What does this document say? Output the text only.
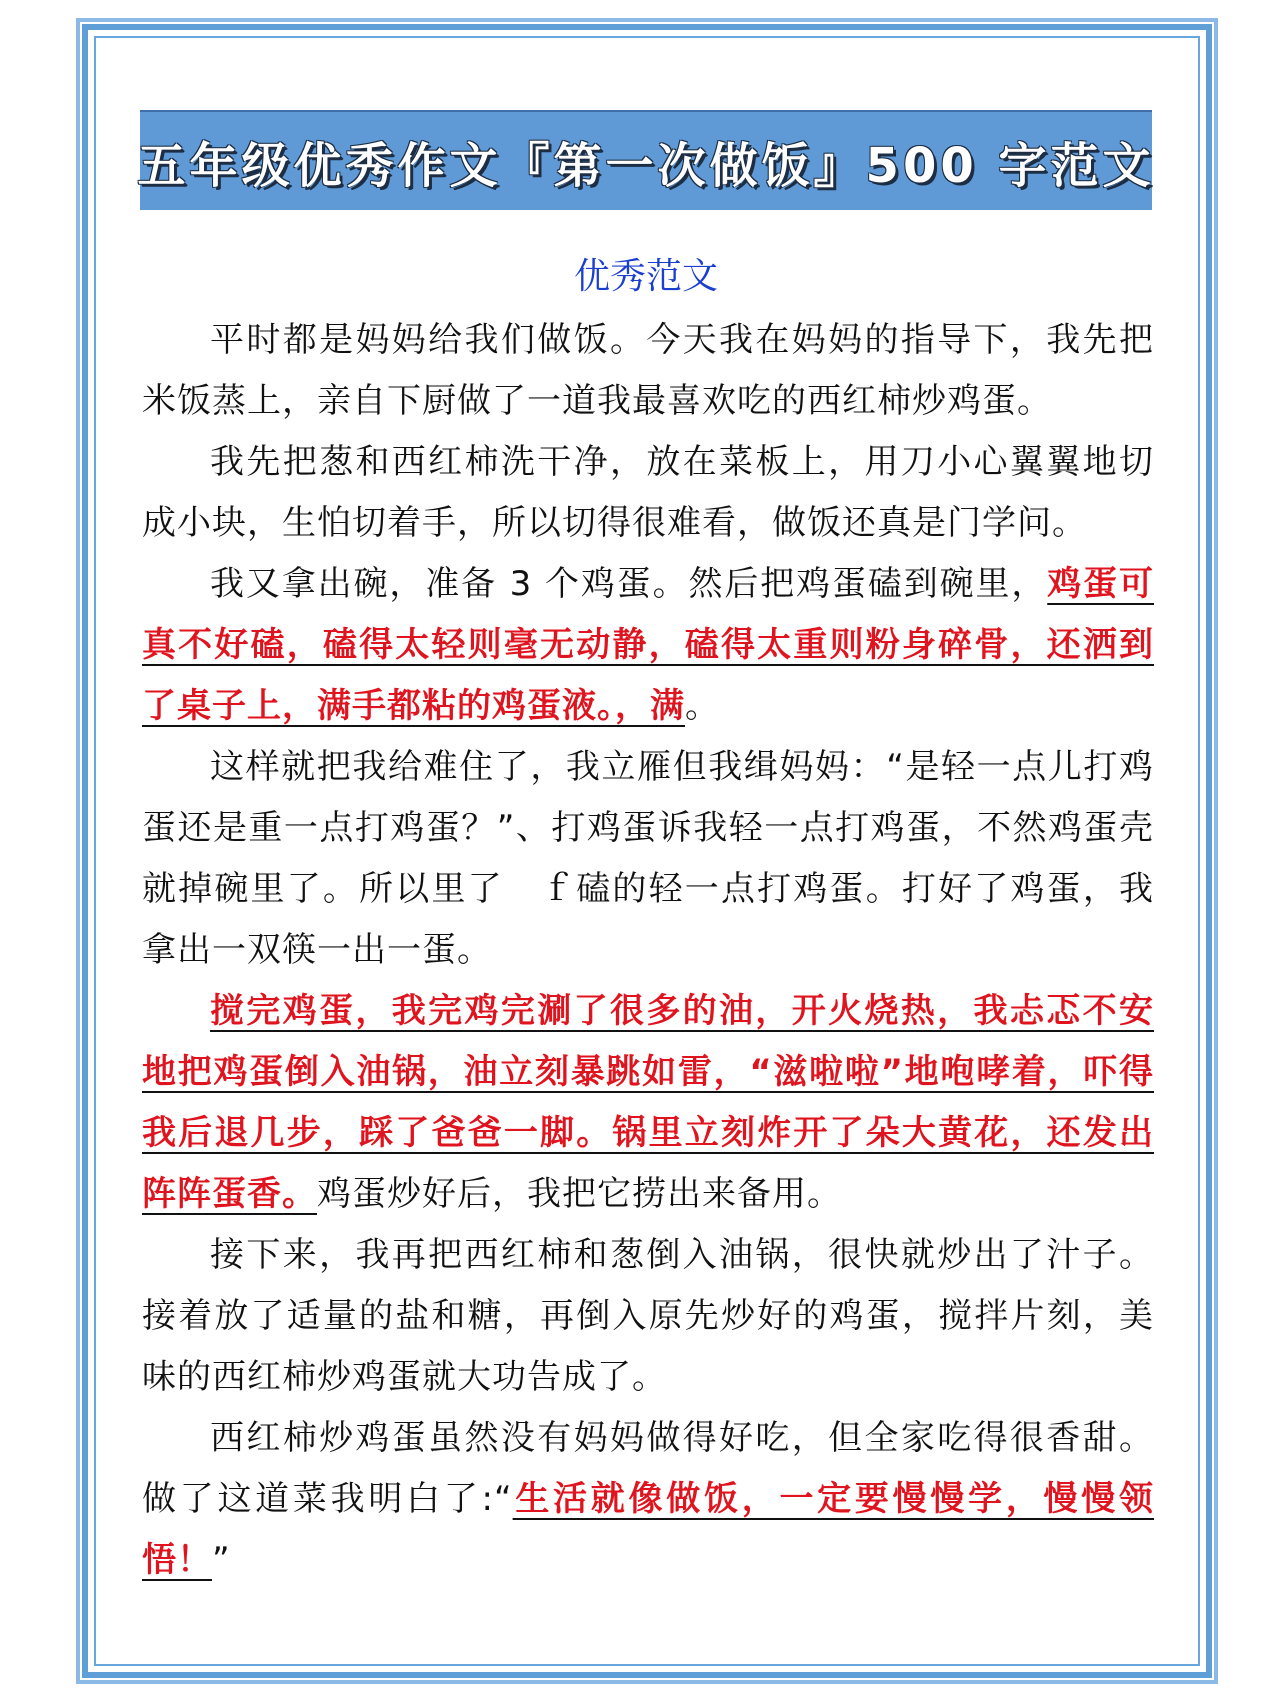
五年级优秀作文『第一次做饭』500 字范文
优秀范文

平时都是妈妈给我们做饭。今天我在妈妈的指导下，我先把米饭蒸上，亲自下厨做了一道我最喜欢吃的西红柿炒鸡蛋。

我先把葱和西红柿洗干净，放在菜板上，用刀小心翼翼地切成小块，生怕切着手，所以切得很难看，做饭还真是门学问。

我又拿出碗，准备 3 个鸡蛋。然后把鸡蛋磕到碗里，鸡蛋可真不好磕，磕得太轻则毫无动静，磕得太重则粉身碎骨，还洒到了桌子上，满手都粘的鸡蛋液。，满。

这样就把我给难住了，我立雁但我缉妈妈：“是轻一点儿打鸡蛋还是重一点打鸡蛋？”、打鸡蛋诉我轻一点打鸡蛋，不然鸡蛋壳就掉碗里了。所以里了　ｆ磕的轻一点打鸡蛋。打好了鸡蛋，我拿出一双筷一出一蛋。

搅完鸡蛋，我完鸡完涮了很多的油，开火烧热，我忐忑不安地把鸡蛋倒入油锅，油立刻暴跳如雷，“滋啦啦”地咆哮着，吓得我后退几步，踩了爸爸一脚。锅里立刻炸开了朵大黄花，还发出阵阵蛋香。鸡蛋炒好后，我把它捞出来备用。

接下来，我再把西红柿和葱倒入油锅，很快就炒出了汁子。接着放了适量的盐和糖，再倒入原先炒好的鸡蛋，搅拌片刻，美味的西红柿炒鸡蛋就大功告成了。

西红柿炒鸡蛋虽然没有妈妈做得好吃，但全家吃得很香甜。做了这道菜我明白了:“生活就像做饭，一定要慢慢学，慢慢领悟！”
